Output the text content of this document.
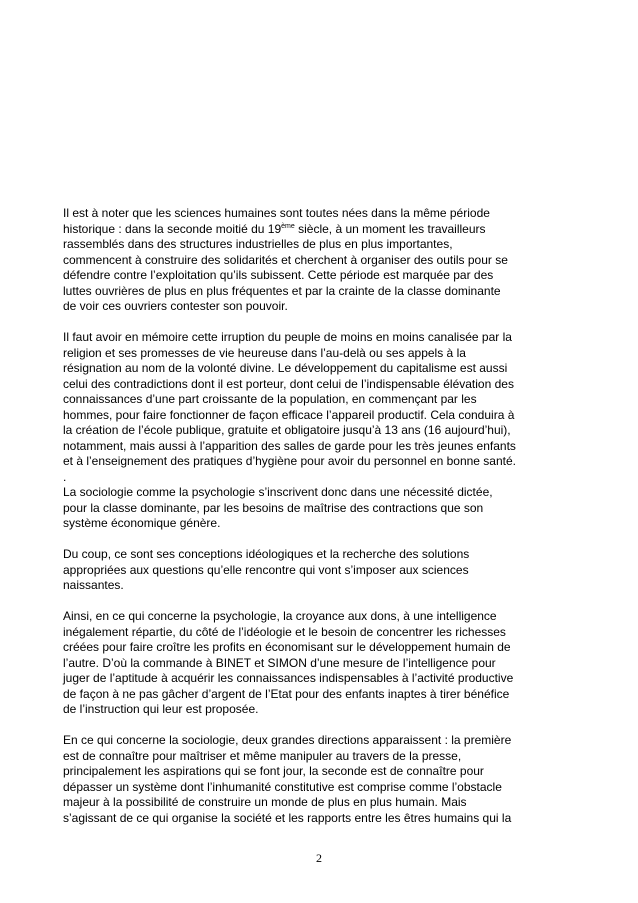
Il est à noter que les sciences humaines sont toutes nées dans la même période
historique : dans la seconde moitié du 19ème siècle, à un moment les travailleurs
rassemblés dans des structures industrielles de plus en plus importantes,
commencent à construire des solidarités et cherchent à organiser des outils pour se
défendre contre l’exploitation qu’ils subissent. Cette période est marquée par des
luttes ouvrières de plus en plus fréquentes et par la crainte de la classe dominante
de voir ces ouvriers contester son pouvoir.

Il faut avoir en mémoire cette irruption du peuple de moins en moins canalisée par la
religion et ses promesses de vie heureuse dans l’au-delà ou ses appels à la
résignation au nom de la volonté divine. Le développement du capitalisme est aussi
celui des contradictions dont il est porteur, dont celui de l’indispensable élévation des
connaissances d’une part croissante de la population, en commençant par les
hommes, pour faire fonctionner de façon efficace l’appareil productif. Cela conduira à
la création de l’école publique, gratuite et obligatoire jusqu’à 13 ans (16 aujourd’hui),
notamment, mais aussi à l’apparition des salles de garde pour les très jeunes enfants
et à l’enseignement des pratiques d’hygiène pour avoir du personnel en bonne santé.

.

La sociologie comme la psychologie s’inscrivent donc dans une nécessité dictée,
pour la classe dominante, par les besoins de maîtrise des contractions que son
système économique génère.

Du coup, ce sont ses conceptions idéologiques et la recherche des solutions
appropriées aux questions qu’elle rencontre qui vont s’imposer aux sciences
naissantes.

Ainsi, en ce qui concerne la psychologie, la croyance aux dons, à une intelligence
inégalement répartie, du côté de l’idéologie et le besoin de concentrer les richesses
créées pour faire croître les profits en économisant sur le développement humain de
l’autre. D’où la commande à BINET et SIMON d’une mesure de l’intelligence pour
juger de l’aptitude à acquérir les connaissances indispensables à l’activité productive
de façon à ne pas gâcher d’argent de l’Etat pour des enfants inaptes à tirer bénéfice
de l’instruction qui leur est proposée.

En ce qui concerne la sociologie, deux grandes directions apparaissent : la première
est de connaître pour maîtriser et même manipuler au travers de la presse,
principalement les aspirations qui se font jour, la seconde est de connaître pour
dépasser un système dont l’inhumanité constitutive est comprise comme l’obstacle
majeur à la possibilité de construire un monde de plus en plus humain. Mais
s’agissant de ce qui organise la société et les rapports entre les êtres humains qui la

2
